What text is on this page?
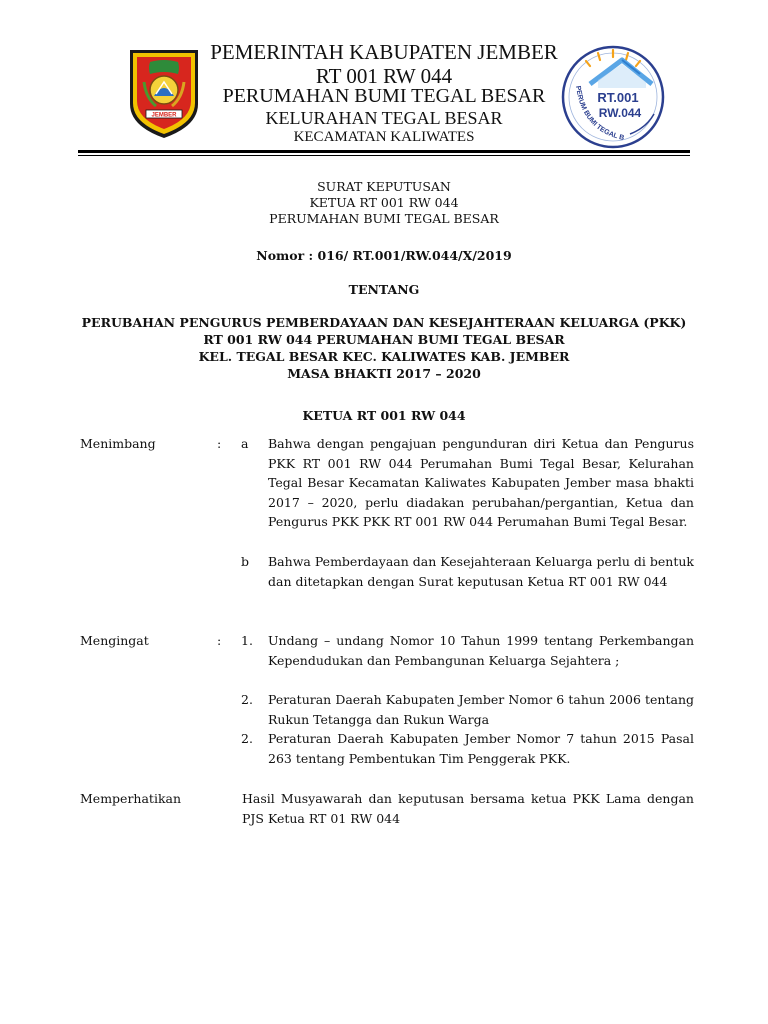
JEMBER
RT.001
RW.044
PERUM BUMI TEGAL B
PEMERINTAH KABUPATEN JEMBER
RT 001 RW 044
PERUMAHAN BUMI TEGAL BESAR
KELURAHAN TEGAL BESAR
KECAMATAN KALIWATES
SURAT KEPUTUSAN
KETUA RT 001 RW 044
PERUMAHAN BUMI TEGAL BESAR
Nomor : 016/ RT.001/RW.044/X/2019
TENTANG
PERUBAHAN PENGURUS PEMBERDAYAAN DAN KESEJAHTERAAN KELUARGA (PKK)
RT 001 RW 044 PERUMAHAN BUMI TEGAL BESAR
KEL. TEGAL BESAR KEC. KALIWATES KAB. JEMBER
MASA BHAKTI 2017 – 2020
KETUA RT 001 RW 044
Menimbang	: a Bahwa dengan pengajuan pengunduran diri Ketua dan Pengurus PKK RT 001 RW 044 Perumahan Bumi Tegal Besar, Kelurahan Tegal Besar Kecamatan Kaliwates Kabupaten Jember masa bhakti 2017 – 2020, perlu diadakan perubahan/pergantian, Ketua dan Pengurus PKK PKK RT 001 RW 044 Perumahan Bumi Tegal Besar.
b Bahwa Pemberdayaan dan Kesejahteraan Keluarga perlu di bentuk dan ditetapkan dengan Surat keputusan Ketua RT 001 RW 044
Mengingat	: 1. Undang – undang Nomor 10 Tahun 1999 tentang Perkembangan Kependudukan dan Pembangunan Keluarga Sejahtera ;
2. Peraturan Daerah Kabupaten Jember Nomor 6 tahun 2006 tentang Rukun Tetangga dan Rukun Warga
2. Peraturan Daerah Kabupaten Jember Nomor 7 tahun 2015 Pasal 263 tentang Pembentukan Tim Penggerak PKK.
Memperhatikan	Hasil Musyawarah dan keputusan bersama ketua PKK Lama dengan PJS Ketua RT 01 RW 044
